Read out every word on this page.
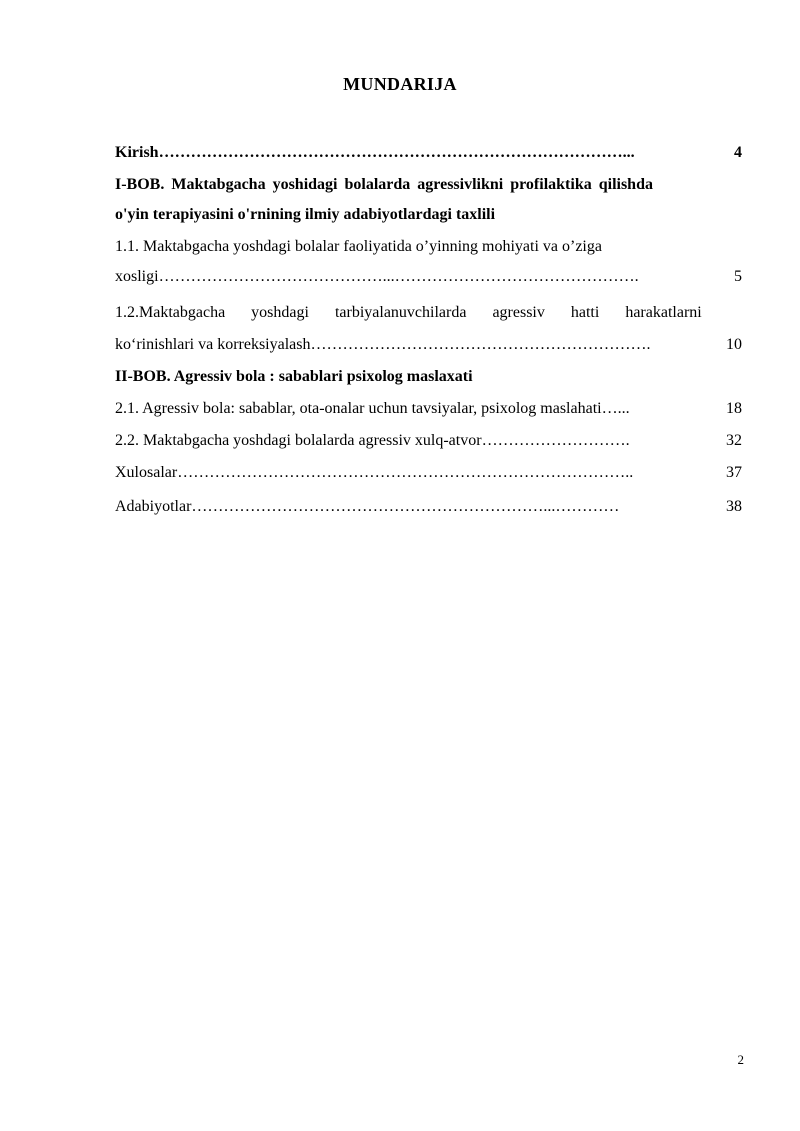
MUNDARIJA
Kirish ……………………………………………………………………………...	4
I-BOB. Maktabgacha yoshidagi bolalarda agressivlikni profilaktika qilishda
o'yin terapiyasini o'rnining ilmiy adabiyotlardagi taxlili
1.1. Maktabgacha yoshdagi bolalar faoliyatida o’yinning mohiyati va o’ziga
xosligi ……………………………………...……………………………………….	5
1.2.Maktabgacha yoshdagi tarbiyalanuvchilarda agressiv hatti harakatlarni
ko‘rinishlari va korreksiyalash ……………………………………………………….	10
II-BOB. Agressiv bola : sabablari psixolog maslaxati
2.1. Agressiv bola: sabablar, ota-onalar uchun tavsiyalar, psixolog maslahati …...	18
2.2. Maktabgacha yoshdagi bolalarda agressiv xulq-atvor ……………………….	32
Xulosalar …………………………………………………………………………..	37
Adabiyotlar …………………………………………………………...…………	38
2
